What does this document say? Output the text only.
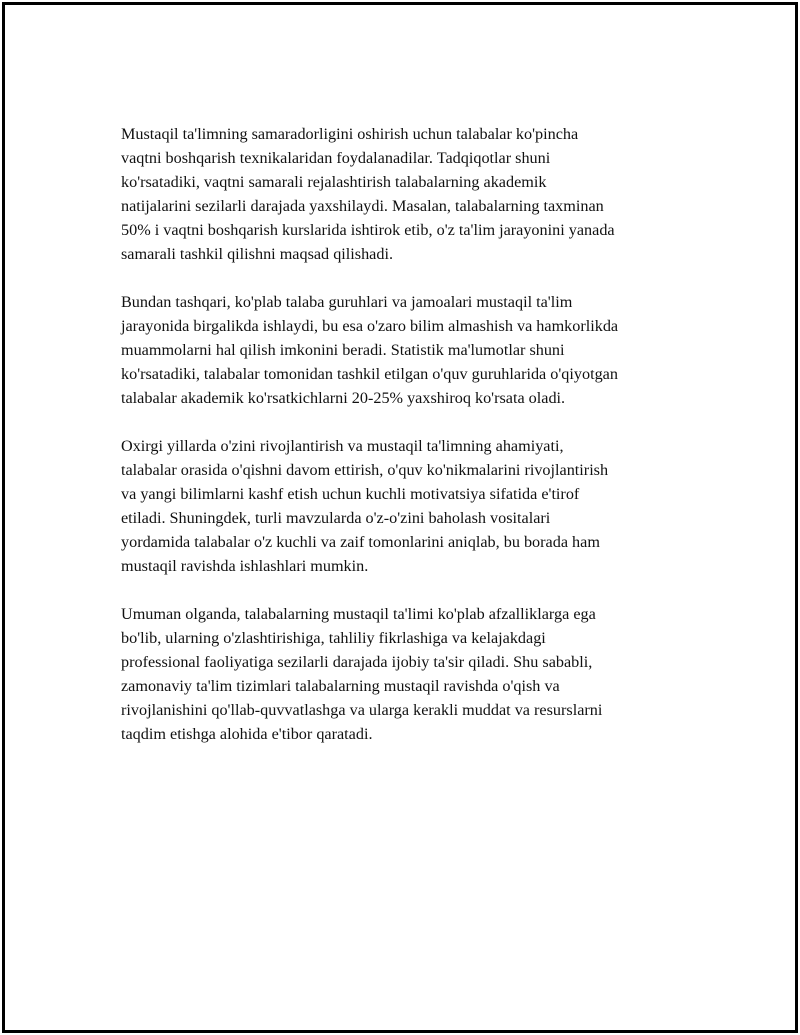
Mustaqil ta'limning samaradorligini oshirish uchun talabalar ko'pincha
vaqtni boshqarish texnikalaridan foydalanadilar. Tadqiqotlar shuni
ko'rsatadiki, vaqtni samarali rejalashtirish talabalarning akademik
natijalarini sezilarli darajada yaxshilaydi. Masalan, talabalarning taxminan
50% i vaqtni boshqarish kurslarida ishtirok etib, o'z ta'lim jarayonini yanada
samarali tashkil qilishni maqsad qilishadi.

Bundan tashqari, ko'plab talaba guruhlari va jamoalari mustaqil ta'lim
jarayonida birgalikda ishlaydi, bu esa o'zaro bilim almashish va hamkorlikda
muammolarni hal qilish imkonini beradi. Statistik ma'lumotlar shuni
ko'rsatadiki, talabalar tomonidan tashkil etilgan o'quv guruhlarida o'qiyotgan
talabalar akademik ko'rsatkichlarni 20-25% yaxshiroq ko'rsata oladi.

Oxirgi yillarda o'zini rivojlantirish va mustaqil ta'limning ahamiyati,
talabalar orasida o'qishni davom ettirish, o'quv ko'nikmalarini rivojlantirish
va yangi bilimlarni kashf etish uchun kuchli motivatsiya sifatida e'tirof
etiladi. Shuningdek, turli mavzularda o'z-o'zini baholash vositalari
yordamida talabalar o'z kuchli va zaif tomonlarini aniqlab, bu borada ham
mustaqil ravishda ishlashlari mumkin.

Umuman olganda, talabalarning mustaqil ta'limi ko'plab afzalliklarga ega
bo'lib, ularning o'zlashtirishiga, tahliliy fikrlashiga va kelajakdagi
professional faoliyatiga sezilarli darajada ijobiy ta'sir qiladi. Shu sababli,
zamonaviy ta'lim tizimlari talabalarning mustaqil ravishda o'qish va
rivojlanishini qo'llab-quvvatlashga va ularga kerakli muddat va resurslarni
taqdim etishga alohida e'tibor qaratadi.
